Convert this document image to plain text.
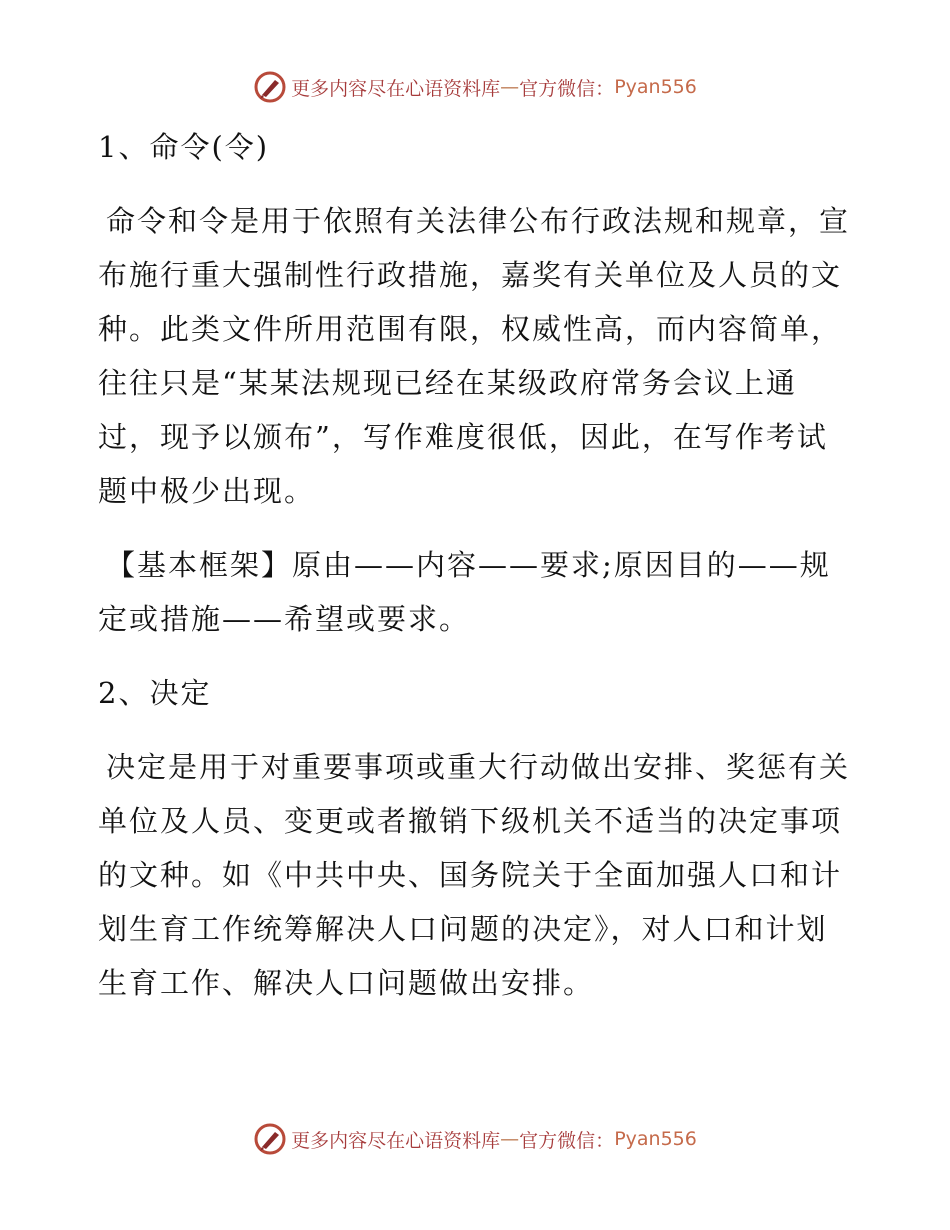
更多内容尽在心语资料库 — 官方微信： Pyan556

1、命令(令)

命令和令是用于依照有关法律公布行政法规和规章，宣布施行重大强制性行政措施，嘉奖有关单位及人员的文种。此类文件所用范围有限，权威性高，而内容简单，往往只是“某某法规现已经在某级政府常务会议上通过，现予以颁布”，写作难度很低，因此，在写作考试题中极少出现。

【基本框架】原由——内容——要求;原因目的——规定或措施——希望或要求。

2、决定

决定是用于对重要事项或重大行动做出安排、奖惩有关单位及人员、变更或者撤销下级机关不适当的决定事项的文种。如《中共中央、国务院关于全面加强人口和计划生育工作统筹解决人口问题的决定》，对人口和计划生育工作、解决人口问题做出安排。

更多内容尽在心语资料库 — 官方微信： Pyan556
